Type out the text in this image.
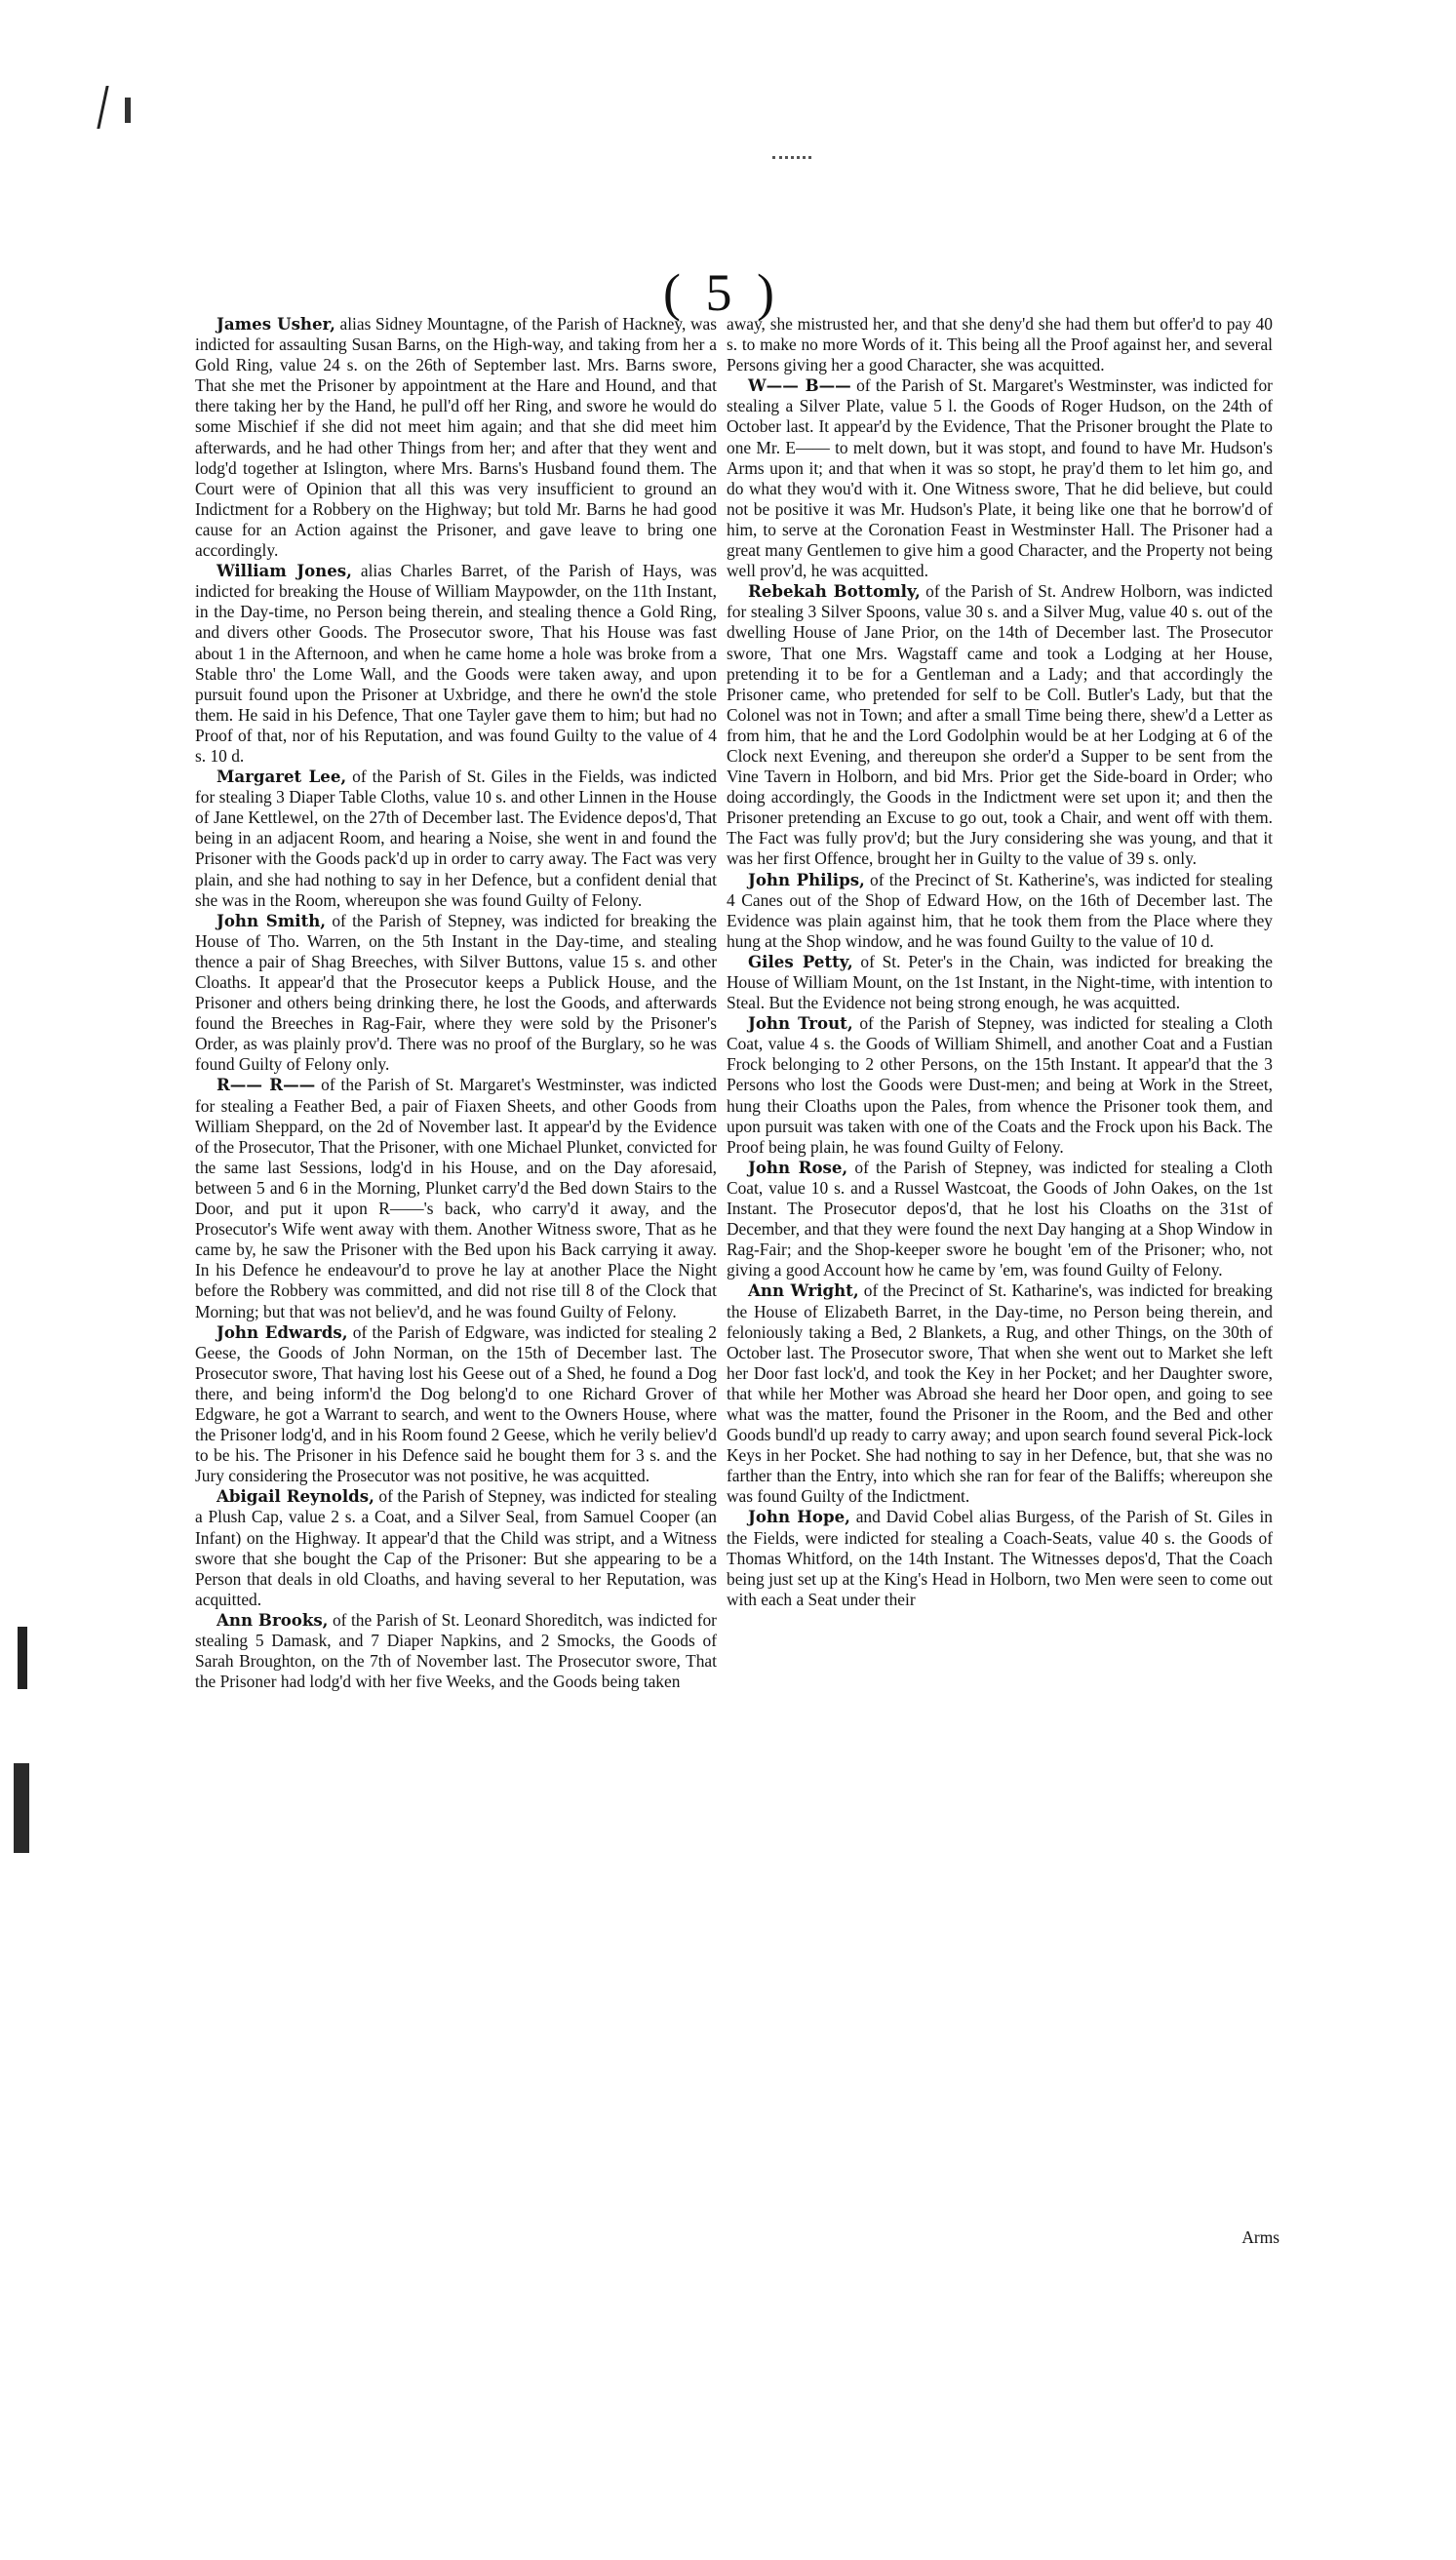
( 5 )

James Usher, alias Sidney Mountagne, of the Parish of Hackney, was indicted for assaulting Susan Barns, on the High-way, and taking from her a Gold Ring, value 24 s. on the 26th of September last. Mrs. Barns swore, That she met the Prisoner by appointment at the Hare and Hound, and that there taking her by the Hand, he pull'd off her Ring, and swore he would do some Mischief if she did not meet him again; and that she did meet him afterwards, and he had other Things from her; and after that they went and lodg'd together at Islington, where Mrs. Barns's Husband found them. The Court were of Opinion that all this was very insufficient to ground an Indictment for a Robbery on the Highway; but told Mr. Barns he had good cause for an Action against the Prisoner, and gave leave to bring one accordingly.

William Jones, alias Charles Barret, of the Parish of Hays, was indicted for breaking the House of William Maypowder, on the 11th Instant, in the Day-time, no Person being therein, and stealing thence a Gold Ring, and divers other Goods. The Prosecutor swore, That his House was fast about 1 in the Afternoon, and when he came home a hole was broke from a Stable thro' the Lome Wall, and the Goods were taken away, and upon pursuit found upon the Prisoner at Uxbridge, and there he own'd the stole them. He said in his Defence, That one Tayler gave them to him; but had no Proof of that, nor of his Reputation, and was found Guilty to the value of 4 s. 10 d.

Margaret Lee, of the Parish of St. Giles in the Fields, was indicted for stealing 3 Diaper Table Cloths, value 10 s. and other Linnen in the House of Jane Kettlewel, on the 27th of December last. The Evidence depos'd, That being in an adjacent Room, and hearing a Noise, she went in and found the Prisoner with the Goods pack'd up in order to carry away. The Fact was very plain, and she had nothing to say in her Defence, but a confident denial that she was in the Room, whereupon she was found Guilty of Felony.

John Smith, of the Parish of Stepney, was indicted for breaking the House of Tho. Warren, on the 5th Instant in the Day-time, and stealing thence a pair of Shag Breeches, with Silver Buttons, value 15 s. and other Cloaths. It appear'd that the Prosecutor keeps a Publick House, and the Prisoner and others being drinking there, he lost the Goods, and afterwards found the Breeches in Rag-Fair, where they were sold by the Prisoner's Order, as was plainly prov'd. There was no proof of the Burglary, so he was found Guilty of Felony only.

R—— R—— of the Parish of St. Margaret's Westminster, was indicted for stealing a Feather Bed, a pair of Fiaxen Sheets, and other Goods from William Sheppard, on the 2d of November last. It appear'd by the Evidence of the Prosecutor, That the Prisoner, with one Michael Plunket, convicted for the same last Sessions, lodg'd in his House, and on the Day aforesaid, between 5 and 6 in the Morning, Plunket carry'd the Bed down Stairs to the Door, and put it upon R——'s back, who carry'd it away, and the Prosecutor's Wife went away with them. Another Witness swore, That as he came by, he saw the Prisoner with the Bed upon his Back carrying it away. In his Defence he endeavour'd to prove he lay at another Place the Night before the Robbery was committed, and did not rise till 8 of the Clock that Morning; but that was not believ'd, and he was found Guilty of Felony.

John Edwards, of the Parish of Edgware, was indicted for stealing 2 Geese, the Goods of John Norman, on the 15th of December last. The Prosecutor swore, That having lost his Geese out of a Shed, he found a Dog there, and being inform'd the Dog belong'd to one Richard Grover of Edgware, he got a Warrant to search, and went to the Owners House, where the Prisoner lodg'd, and in his Room found 2 Geese, which he verily believ'd to be his. The Prisoner in his Defence said he bought them for 3 s. and the Jury considering the Prosecutor was not positive, he was acquitted.

Abigail Reynolds, of the Parish of Stepney, was indicted for stealing a Plush Cap, value 2 s. a Coat, and a Silver Seal, from Samuel Cooper (an Infant) on the Highway. It appear'd that the Child was stript, and a Witness swore that she bought the Cap of the Prisoner: But she appearing to be a Person that deals in old Cloaths, and having several to her Reputation, was acquitted.

Ann Brooks, of the Parish of St. Leonard Shoreditch, was indicted for stealing 5 Damask, and 7 Diaper Napkins, and 2 Smocks, the Goods of Sarah Broughton, on the 7th of November last. The Prosecutor swore, That the Prisoner had lodg'd with her five Weeks, and the Goods being taken

away, she mistrusted her, and that she deny'd she had them but offer'd to pay 40 s. to make no more Words of it. This being all the Proof against her, and several Persons giving her a good Character, she was acquitted.

W—— B—— of the Parish of St. Margaret's Westminster, was indicted for stealing a Silver Plate, value 5 l. the Goods of Roger Hudson, on the 24th of October last. It appear'd by the Evidence, That the Prisoner brought the Plate to one Mr. E—— to melt down, but it was stopt, and found to have Mr. Hudson's Arms upon it; and that when it was so stopt, he pray'd them to let him go, and do what they wou'd with it. One Witness swore, That he did believe, but could not be positive it was Mr. Hudson's Plate, it being like one that he borrow'd of him, to serve at the Coronation Feast in Westminster Hall. The Prisoner had a great many Gentlemen to give him a good Character, and the Property not being well prov'd, he was acquitted.

Rebekah Bottomly, of the Parish of St. Andrew Holborn, was indicted for stealing 3 Silver Spoons, value 30 s. and a Silver Mug, value 40 s. out of the dwelling House of Jane Prior, on the 14th of December last. The Prosecutor swore, That one Mrs. Wagstaff came and took a Lodging at her House, pretending it to be for a Gentleman and a Lady; and that accordingly the Prisoner came, who pretended for self to be Coll. Butler's Lady, but that the Colonel was not in Town; and after a small Time being there, shew'd a Letter as from him, that he and the Lord Godolphin would be at her Lodging at 6 of the Clock next Evening, and thereupon she order'd a Supper to be sent from the Vine Tavern in Holborn, and bid Mrs. Prior get the Side-board in Order; who doing accordingly, the Goods in the Indictment were set upon it; and then the Prisoner pretending an Excuse to go out, took a Chair, and went off with them. The Fact was fully prov'd; but the Jury considering she was young, and that it was her first Offence, brought her in Guilty to the value of 39 s. only.

John Philips, of the Precinct of St. Katherine's, was indicted for stealing 4 Canes out of the Shop of Edward How, on the 16th of December last. The Evidence was plain against him, that he took them from the Place where they hung at the Shop window, and he was found Guilty to the value of 10 d.

Giles Petty, of St. Peter's in the Chain, was indicted for breaking the House of William Mount, on the 1st Instant, in the Night-time, with intention to Steal. But the Evidence not being strong enough, he was acquitted.

John Trout, of the Parish of Stepney, was indicted for stealing a Cloth Coat, value 4 s. the Goods of William Shimell, and another Coat and a Fustian Frock belonging to 2 other Persons, on the 15th Instant. It appear'd that the 3 Persons who lost the Goods were Dust-men; and being at Work in the Street, hung their Cloaths upon the Pales, from whence the Prisoner took them, and upon pursuit was taken with one of the Coats and the Frock upon his Back. The Proof being plain, he was found Guilty of Felony.

John Rose, of the Parish of Stepney, was indicted for stealing a Cloth Coat, value 10 s. and a Russel Wastcoat, the Goods of John Oakes, on the 1st Instant. The Prosecutor depos'd, that he lost his Cloaths on the 31st of December, and that they were found the next Day hanging at a Shop Window in Rag-Fair; and the Shop-keeper swore he bought 'em of the Prisoner; who, not giving a good Account how he came by 'em, was found Guilty of Felony.

Ann Wright, of the Precinct of St. Katharine's, was indicted for breaking the House of Elizabeth Barret, in the Day-time, no Person being therein, and feloniously taking a Bed, 2 Blankets, a Rug, and other Things, on the 30th of October last. The Prosecutor swore, That when she went out to Market she left her Door fast lock'd, and took the Key in her Pocket; and her Daughter swore, that while her Mother was Abroad she heard her Door open, and going to see what was the matter, found the Prisoner in the Room, and the Bed and other Goods bundl'd up ready to carry away; and upon search found several Pick-lock Keys in her Pocket. She had nothing to say in her Defence, but, that she was no farther than the Entry, into which she ran for fear of the Baliffs; whereupon she was found Guilty of the Indictment.

John Hope, and David Cobel alias Burgess, of the Parish of St. Giles in the Fields, were indicted for stealing a Coach-Seats, value 40 s. the Goods of Thomas Whitford, on the 14th Instant. The Witnesses depos'd, That the Coach being just set up at the King's Head in Holborn, two Men were seen to come out with each a Seat under their

Arms
